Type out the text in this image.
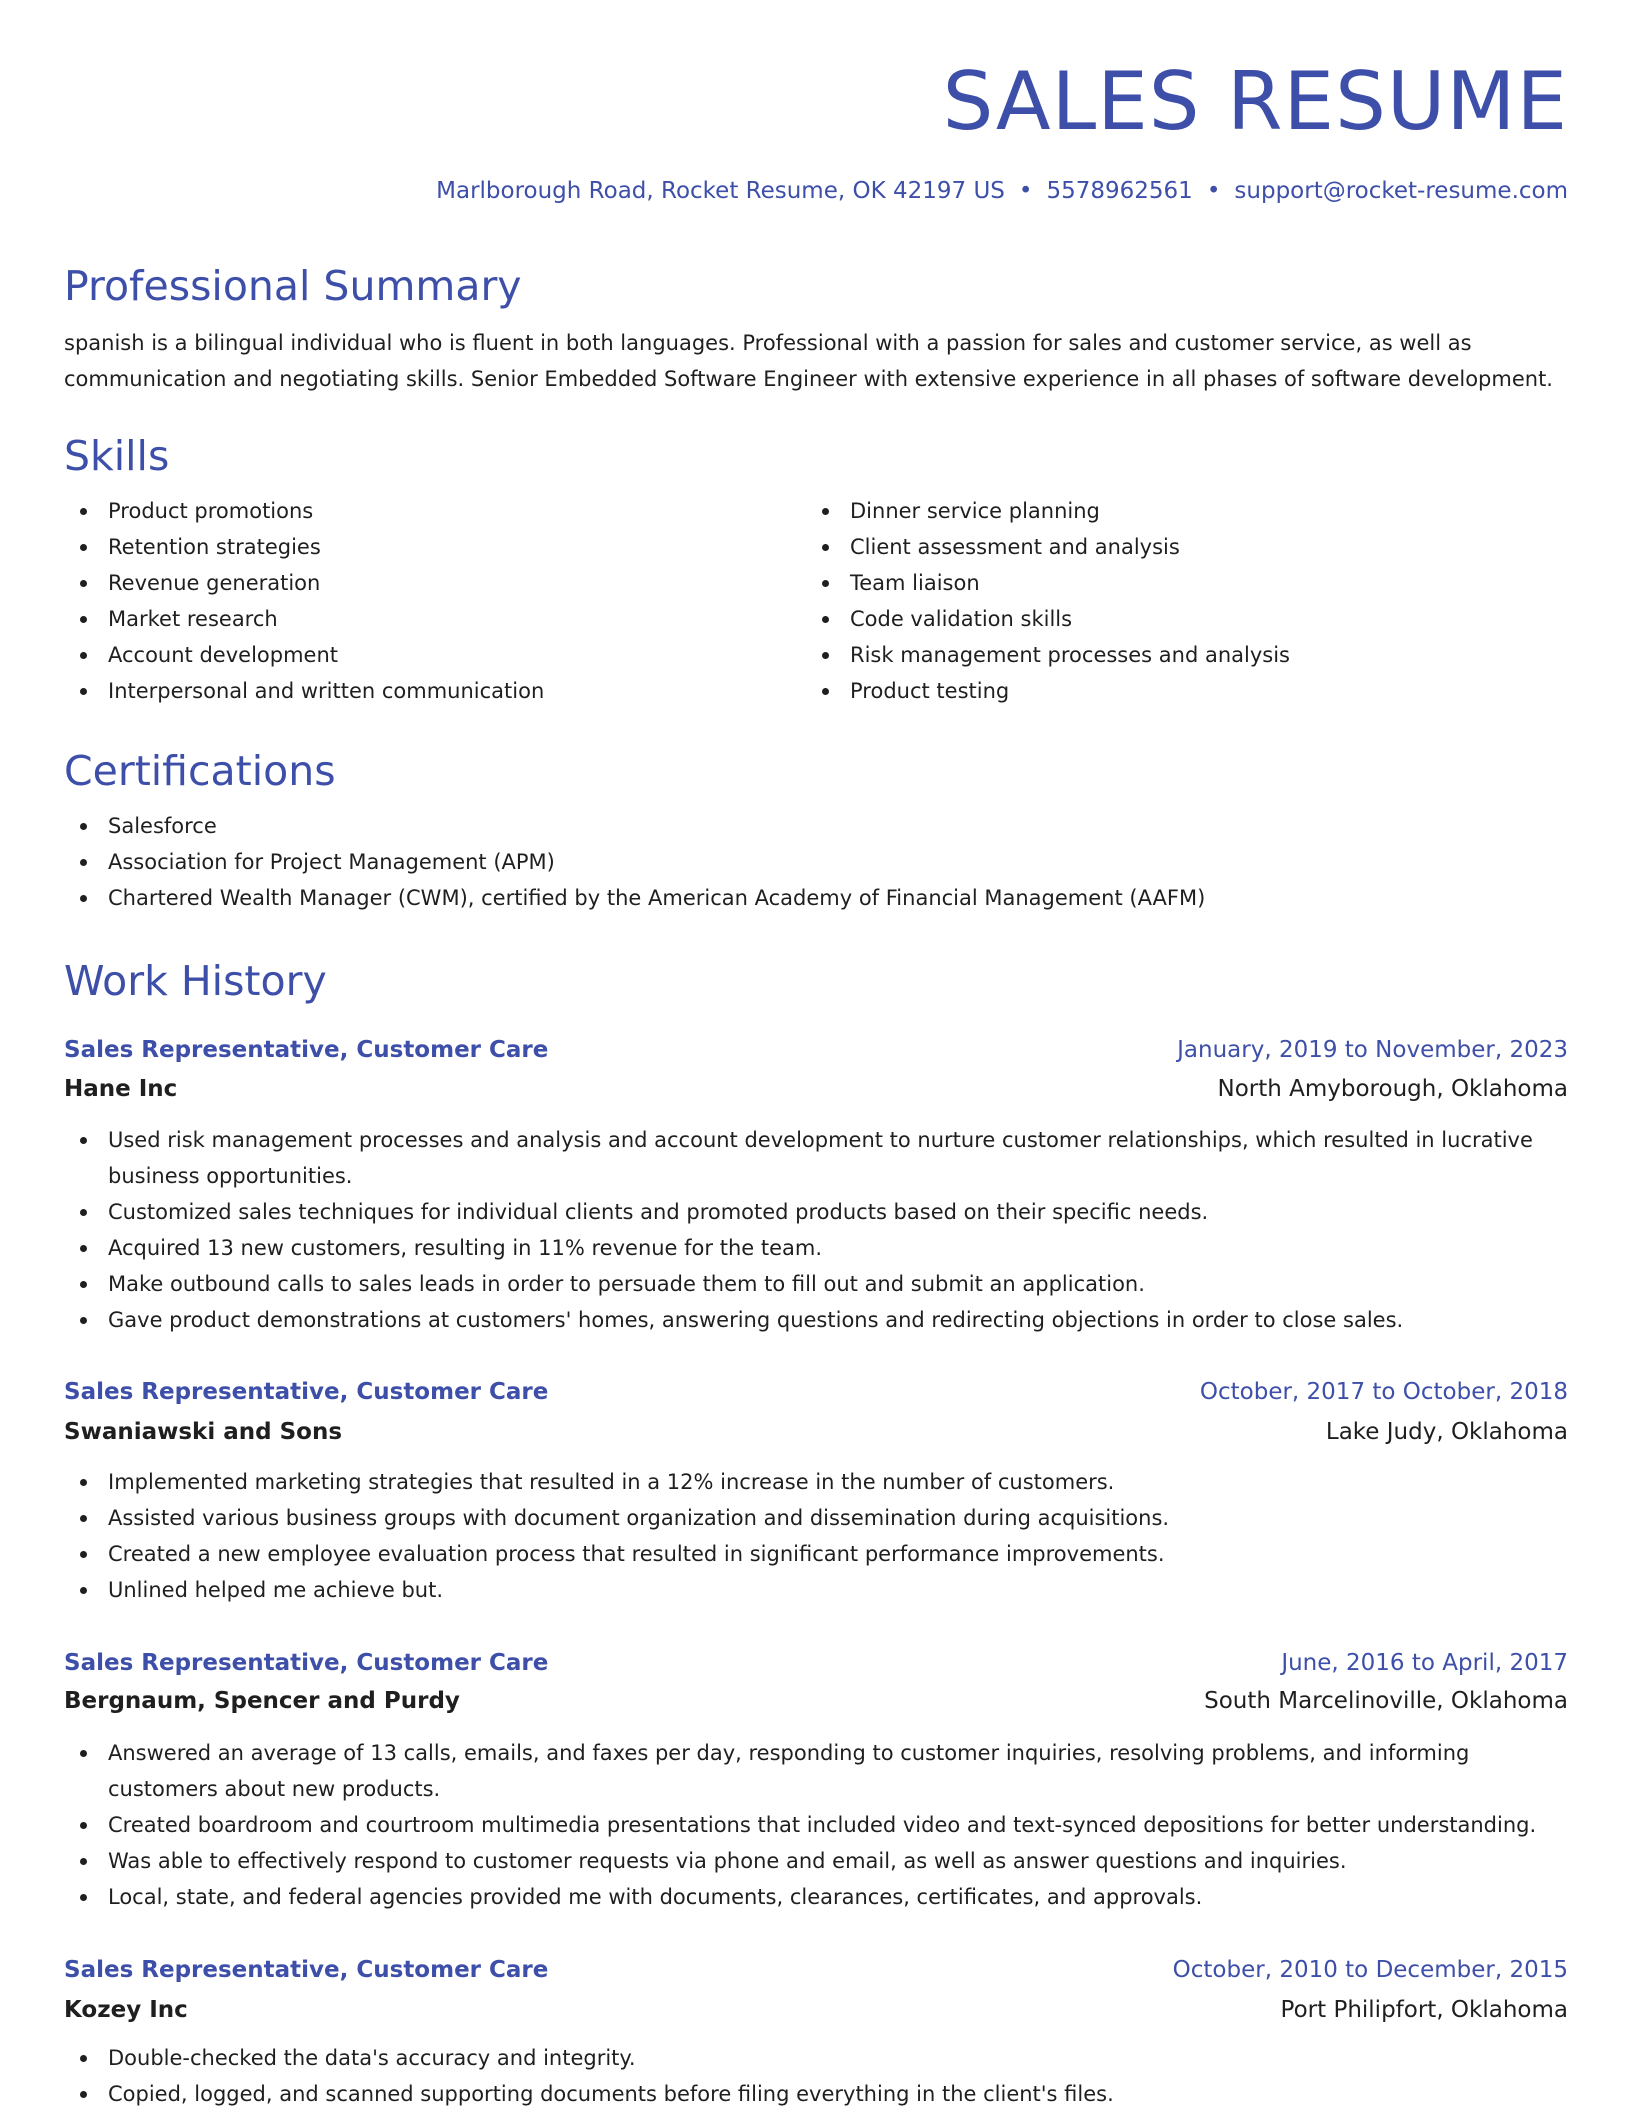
SALES RESUME
Marlborough Road, Rocket Resume, OK 42197 US • 5578962561 • support@rocket-resume.com
Professional Summary

spanish is a bilingual individual who is fluent in both languages. Professional with a passion for sales and customer service, as well as communication and negotiating skills. Senior Embedded Software Engineer with extensive experience in all phases of software development.

Skills
Product promotions
Retention strategies
Revenue generation
Market research
Account development
Interpersonal and written communication
Dinner service planning
Client assessment and analysis
Team liaison
Code validation skills
Risk management processes and analysis
Product testing
Certifications
Salesforce
Association for Project Management (APM)
Chartered Wealth Manager (CWM), certified by the American Academy of Financial Management (AAFM)
Work History
Sales Representative, Customer Care	January, 2019 to November, 2023
Hane Inc	North Amyborough, Oklahoma
Used risk management processes and analysis and account development to nurture customer relationships, which resulted in lucrative business opportunities.
Customized sales techniques for individual clients and promoted products based on their specific needs.
Acquired 13 new customers, resulting in 11% revenue for the team.
Make outbound calls to sales leads in order to persuade them to fill out and submit an application.
Gave product demonstrations at customers' homes, answering questions and redirecting objections in order to close sales.
Sales Representative, Customer Care	October, 2017 to October, 2018
Swaniawski and Sons	Lake Judy, Oklahoma
Implemented marketing strategies that resulted in a 12% increase in the number of customers.
Assisted various business groups with document organization and dissemination during acquisitions.
Created a new employee evaluation process that resulted in significant performance improvements.
Unlined helped me achieve but.
Sales Representative, Customer Care	June, 2016 to April, 2017
Bergnaum, Spencer and Purdy	South Marcelinoville, Oklahoma
Answered an average of 13 calls, emails, and faxes per day, responding to customer inquiries, resolving problems, and informing customers about new products.
Created boardroom and courtroom multimedia presentations that included video and text-synced depositions for better understanding.
Was able to effectively respond to customer requests via phone and email, as well as answer questions and inquiries.
Local, state, and federal agencies provided me with documents, clearances, certificates, and approvals.
Sales Representative, Customer Care	October, 2010 to December, 2015
Kozey Inc	Port Philipfort, Oklahoma
Double-checked the data's accuracy and integrity.
Copied, logged, and scanned supporting documents before filing everything in the client's files.
